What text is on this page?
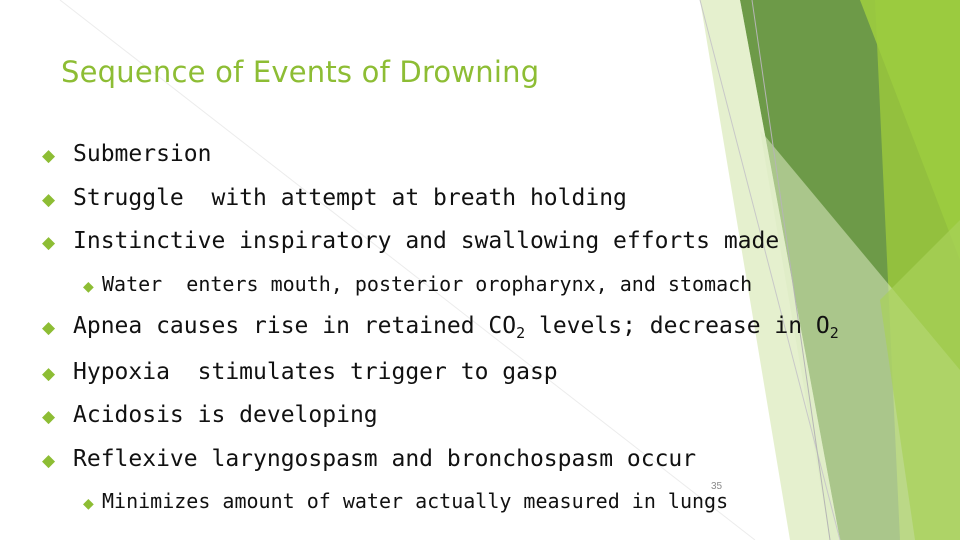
Sequence of Events of Drowning
◆ Submersion
◆ Struggle  with attempt at breath holding
◆ Instinctive inspiratory and swallowing efforts made
◆ Water  enters mouth, posterior oropharynx, and stomach
◆ Apnea causes rise in retained $CO_2$ levels; decrease in $O_2$
◆ Hypoxia  stimulates trigger to gasp
◆ Acidosis is developing
◆ Reflexive laryngospasm and bronchospasm occur
◆ Minimizes amount of water actually measured in lungs
35
